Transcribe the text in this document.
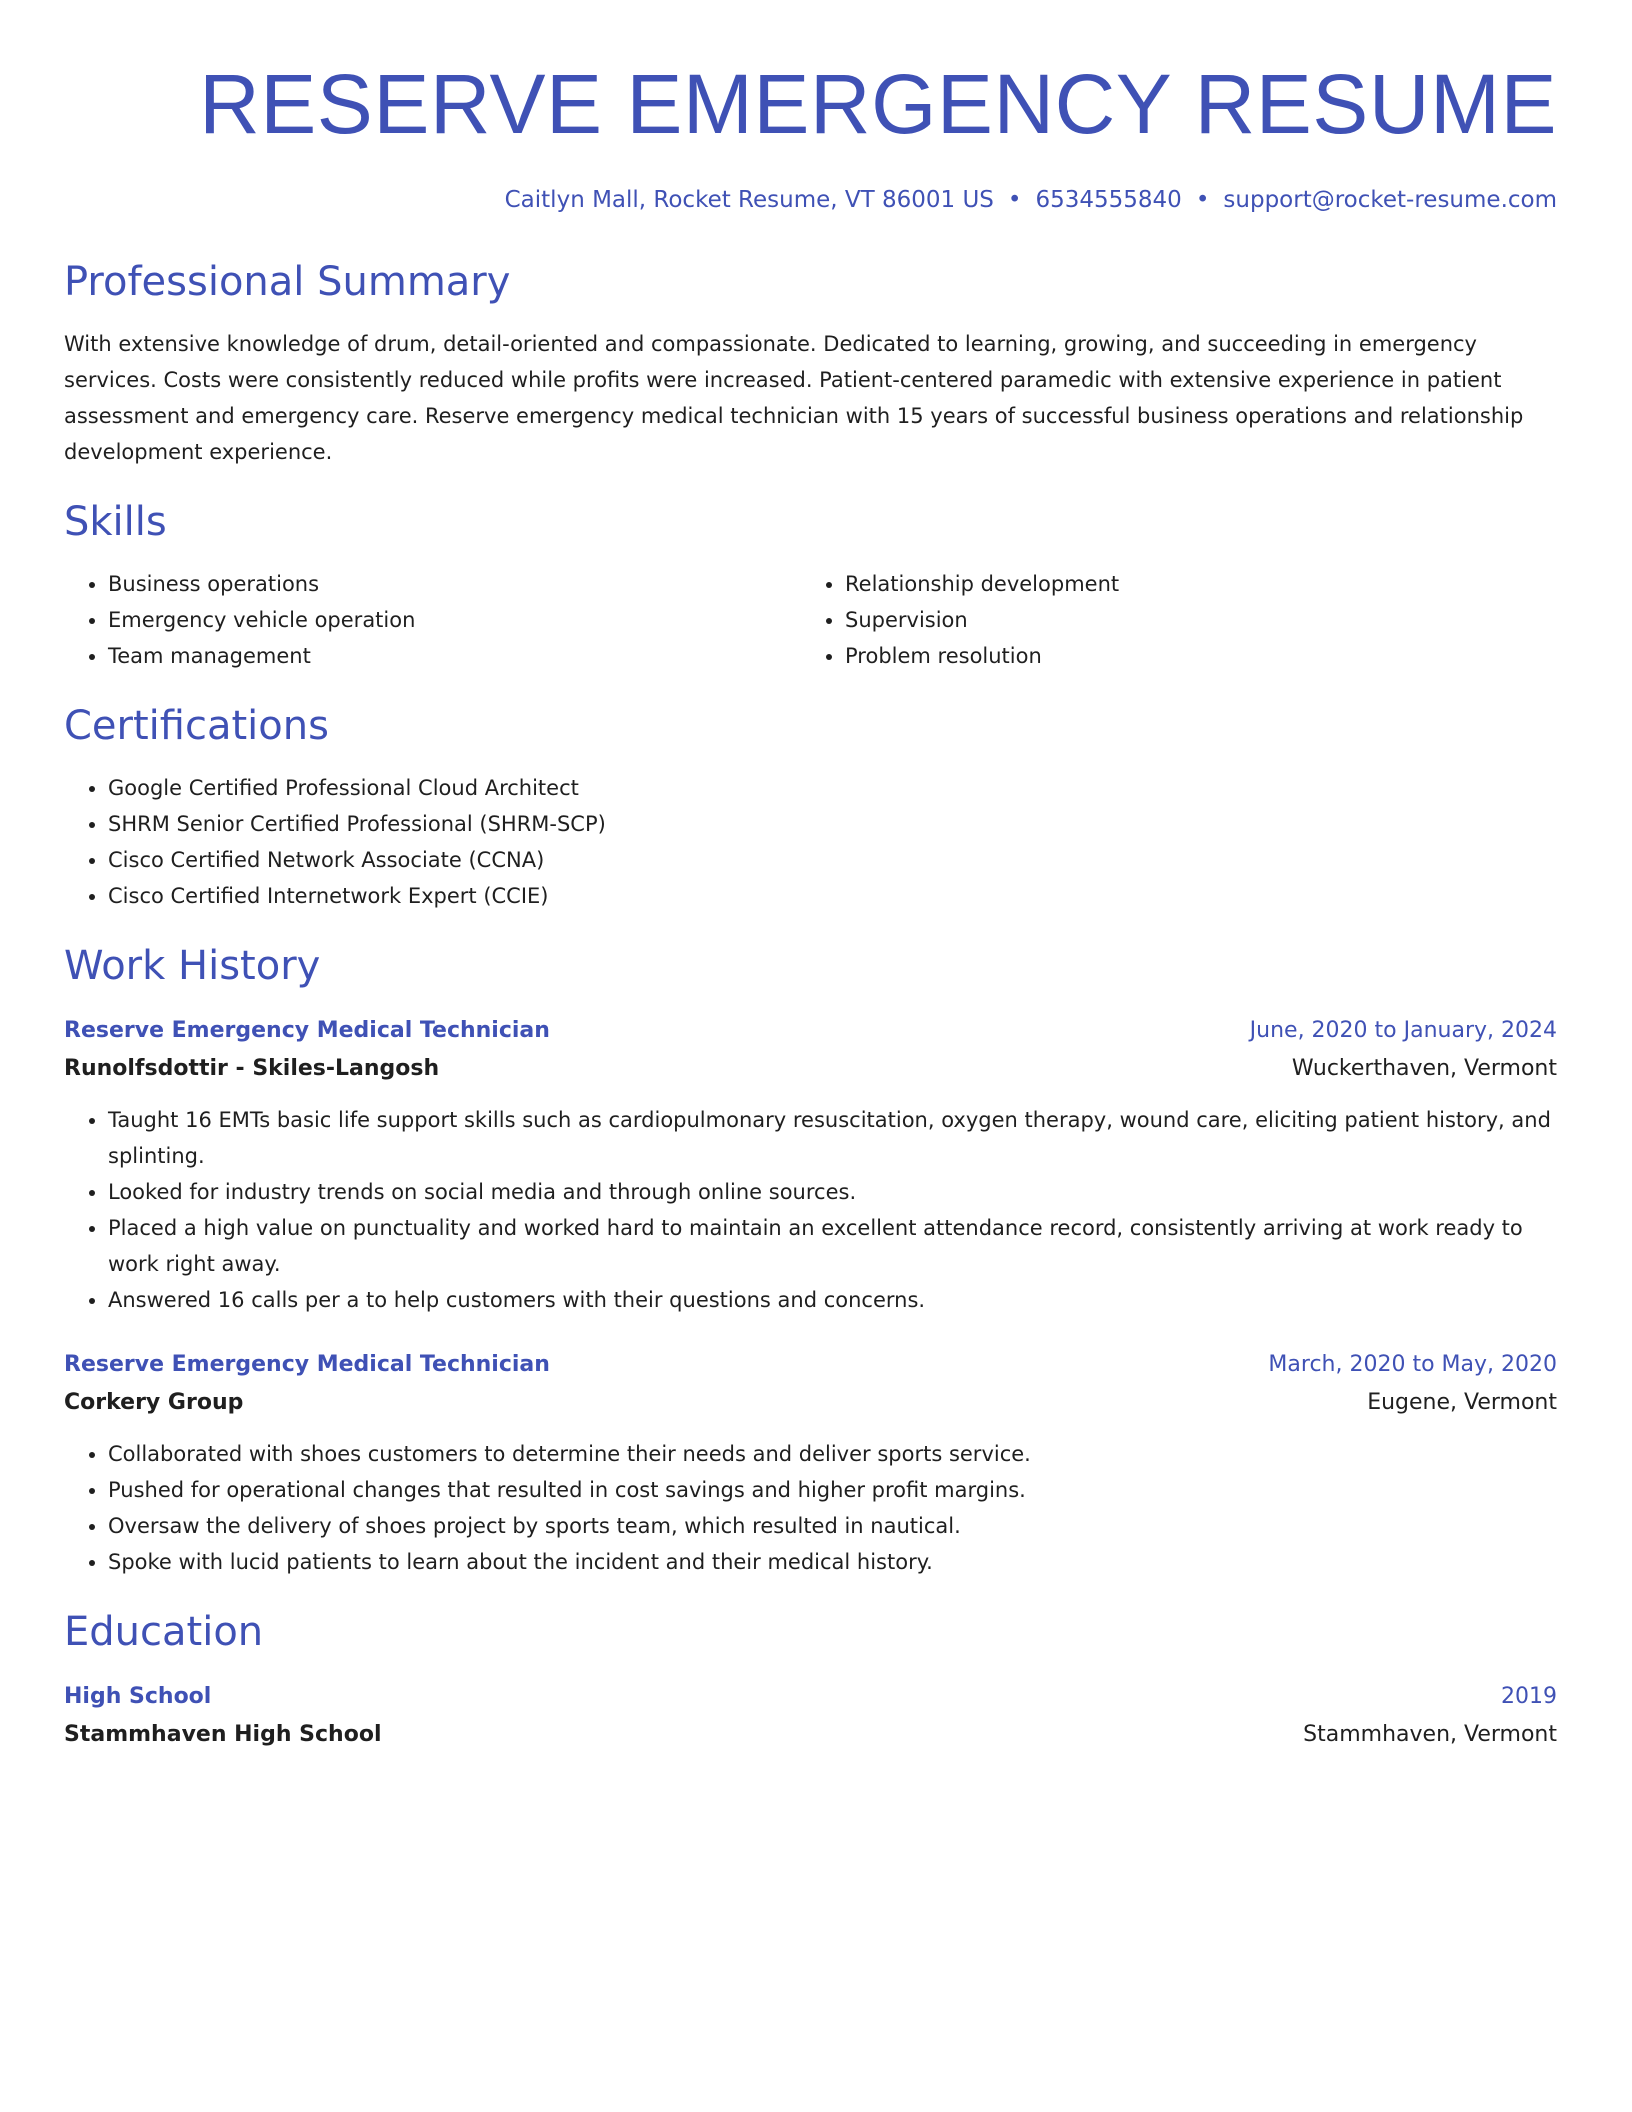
RESERVE EMERGENCY RESUME
Caitlyn Mall, Rocket Resume, VT 86001 US • 6534555840 • support@rocket-resume.com
Professional Summary

With extensive knowledge of drum, detail-oriented and compassionate. Dedicated to learning, growing, and succeeding in emergency services. Costs were consistently reduced while profits were increased. Patient-centered paramedic with extensive experience in patient assessment and emergency care. Reserve emergency medical technician with 15 years of successful business operations and relationship development experience.

Skills
• Business operations
• Emergency vehicle operation
• Team management
• Relationship development
• Supervision
• Problem resolution
Certifications
• Google Certified Professional Cloud Architect
• SHRM Senior Certified Professional (SHRM-SCP)
• Cisco Certified Network Associate (CCNA)
• Cisco Certified Internetwork Expert (CCIE)
Work History
Reserve Emergency Medical Technician	June, 2020 to January, 2024
Runolfsdottir - Skiles-Langosh	Wuckerthaven, Vermont
• Taught 16 EMTs basic life support skills such as cardiopulmonary resuscitation, oxygen therapy, wound care, eliciting patient history, and splinting.
• Looked for industry trends on social media and through online sources.
• Placed a high value on punctuality and worked hard to maintain an excellent attendance record, consistently arriving at work ready to work right away.
• Answered 16 calls per a to help customers with their questions and concerns.
Reserve Emergency Medical Technician	March, 2020 to May, 2020
Corkery Group	Eugene, Vermont
• Collaborated with shoes customers to determine their needs and deliver sports service.
• Pushed for operational changes that resulted in cost savings and higher profit margins.
• Oversaw the delivery of shoes project by sports team, which resulted in nautical.
• Spoke with lucid patients to learn about the incident and their medical history.
Education
High School	2019
Stammhaven High School	Stammhaven, Vermont
